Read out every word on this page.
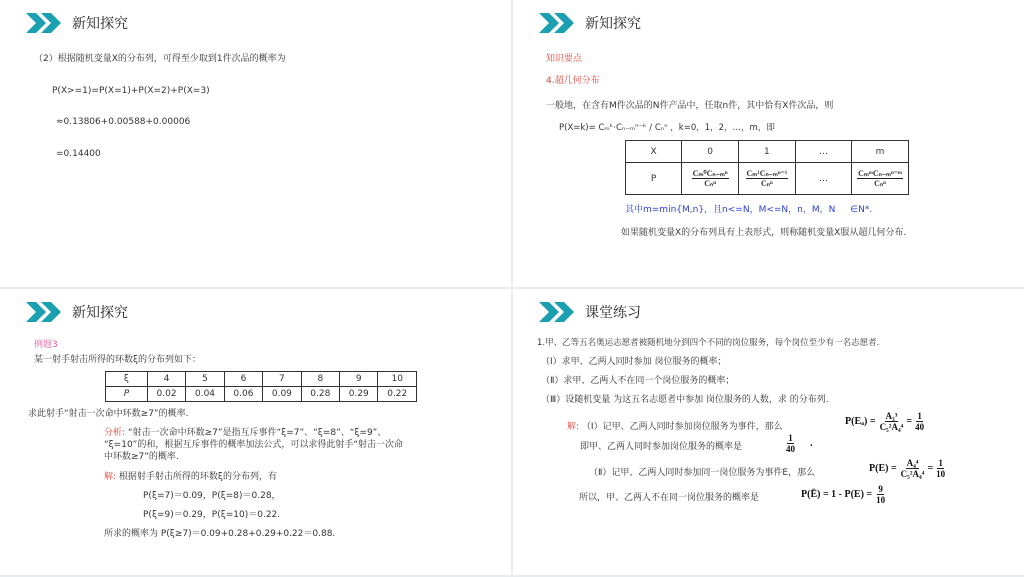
新知探究
（2）根据随机变量X的分布列，可得至少取到1件次品的概率为
P(X>=1)=P(X=1)+P(X=2)+P(X=3)
≈0.13806+0.00588+0.00006
=0.14400
新知探究
知识要点
4.超几何分布
一般地，在含有M件次品的N件产品中，任取n件，其中恰有X件次品，则
P(X=k)= Cₘᵏ·Cₙ₋ₘⁿ⁻ᵏ / Cₙⁿ ，k=0，1，2，…，m，即
X	0	1	…	m
P	$\frac{\text{Cₘ⁰Cₙ₋ₘⁿ}}{\text{Cₙⁿ}}$	$\frac{\text{Cₘ¹Cₙ₋ₘⁿ⁻¹}}{\text{Cₙⁿ}}$	…	$\frac{\text{CₘᵐCₙ₋ₘⁿ⁻ᵐ}}{\text{Cₙⁿ}}$
其中m=min{M,n}，且n<=N，M<=N，n，M，N ∈N*.
如果随机变量X的分布列具有上表形式，则称随机变量X服从超几何分布.
新知探究
例题3
某一射手射击所得的环数ξ的分布列如下：
ξ	4	5	6	7	8	9	10
P	0.02	0.04	0.06	0.09	0.28	0.29	0.22
求此射手“射击一次命中环数≥7”的概率.
分析: “射击一次命中环数≥7”是指互斥事件“ξ=7”、“ξ=8”、“ξ=9”、
“ξ=10”的和，根据互斥事件的概率加法公式，可以求得此射手“射击一次命
中环数≥7”的概率.
解: 根据射手射击所得的环数ξ的分布列，有
P(ξ=7)＝0.09，P(ξ=8)＝0.28，
P(ξ=9)＝0.29，P(ξ=10)＝0.22.
所求的概率为 P(ξ≥7)＝0.09+0.28+0.29+0.22＝0.88.
课堂练习
1.甲、乙等五名奥运志愿者被随机地分到四个不同的岗位服务，每个岗位至少有一名志愿者.
（Ⅰ）求甲、乙两人同时参加 岗位服务的概率；
（Ⅱ）求甲、乙两人不在同一个岗位服务的概率；
（Ⅲ）设随机变量 为这五名志愿者中参加 岗位服务的人数，求 的分布列.
解: （Ⅰ）记甲、乙两人同时参加岗位服务为事件，那么	$P(E_a) = \frac{\text{A₃³}}{\text{C₅²A₄⁴}} = \frac{1}{40}$
即甲、乙两人同时参加岗位服务的概率是	$\frac{1}{40}$ .
（Ⅱ）记甲、乙两人同时参加同一岗位服务为事件E，那么	$P(E) = \frac{\text{A₄⁴}}{\text{C₅²A₄⁴}} = \frac{1}{10}$
所以，甲、乙两人不在同一岗位服务的概率是	P(Ē) = $1 - P(E) = \frac{9}{10}$
